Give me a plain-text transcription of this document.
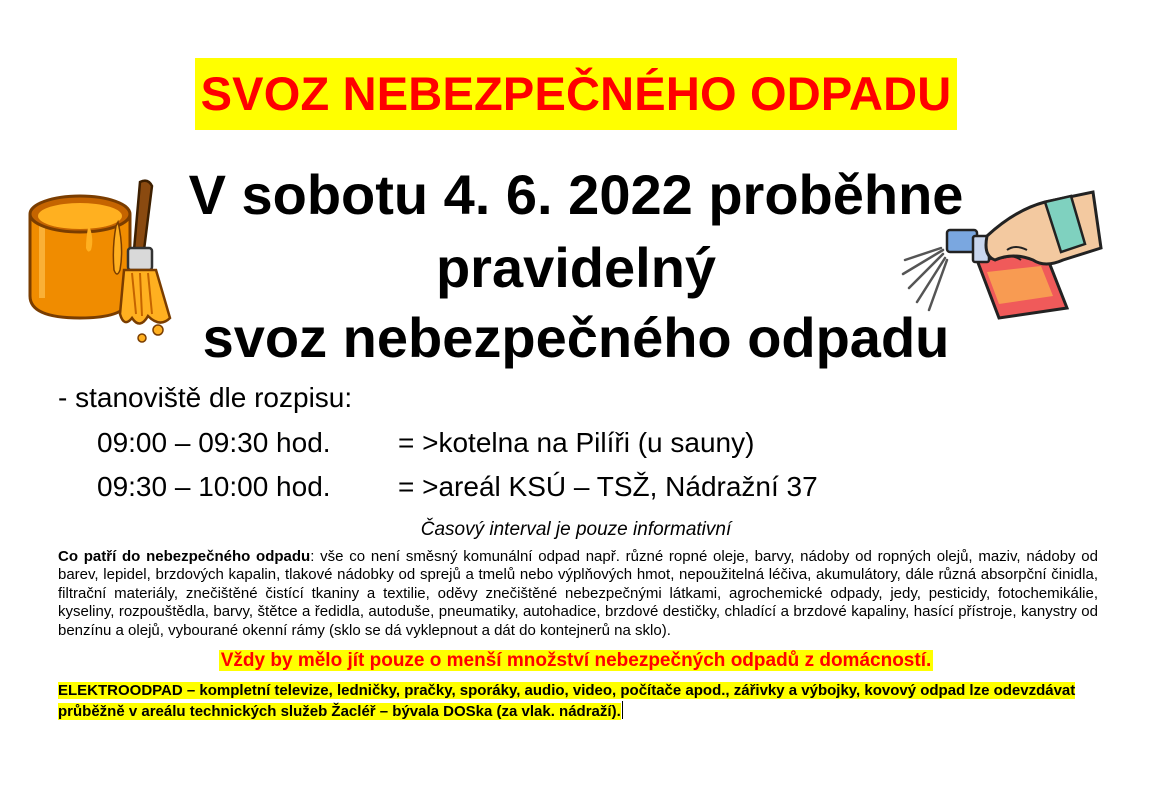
SVOZ NEBEZPEČNÉHO ODPADU
V sobotu 4. 6. 2022 proběhne
pravidelný
svoz nebezpečného odpadu
- stanoviště dle rozpisu:
09:00 – 09:30 hod. = >kotelna na Pilíři (u sauny)
09:30 – 10:00 hod. = >areál KSÚ – TSŽ, Nádražní 37
Časový interval je pouze informativní
Co patří do nebezpečného odpadu: vše co není směsný komunální odpad např. různé ropné oleje, barvy, nádoby od ropných olejů, maziv, nádoby od barev, lepidel, brzdových kapalin, tlakové nádobky od sprejů a tmelů nebo výplňových hmot, nepoužitelná léčiva, akumulátory, dále různá absorpční činidla, filtrační materiály, znečištěné čistící tkaniny a textilie, oděvy znečištěné nebezpečnými látkami, agrochemické odpady, jedy, pesticidy, fotochemikálie, kyseliny, rozpouštědla, barvy, štětce a ředidla, autoduše, pneumatiky, autohadice, brzdové destičky, chladící a brzdové kapaliny, hasící přístroje, kanystry od benzínu a olejů, vybourané okenní rámy (sklo se dá vyklepnout a dát do kontejnerů na sklo).
Vždy by mělo jít pouze o menší množství nebezpečných odpadů z domácností.
ELEKTROODPAD – kompletní televize, ledničky, pračky, sporáky, audio, video, počítače apod., zářivky a výbojky, kovový odpad lze odevzdávat průběžně v areálu technických služeb Žacléř – bývala DOSka (za vlak. nádraží).
